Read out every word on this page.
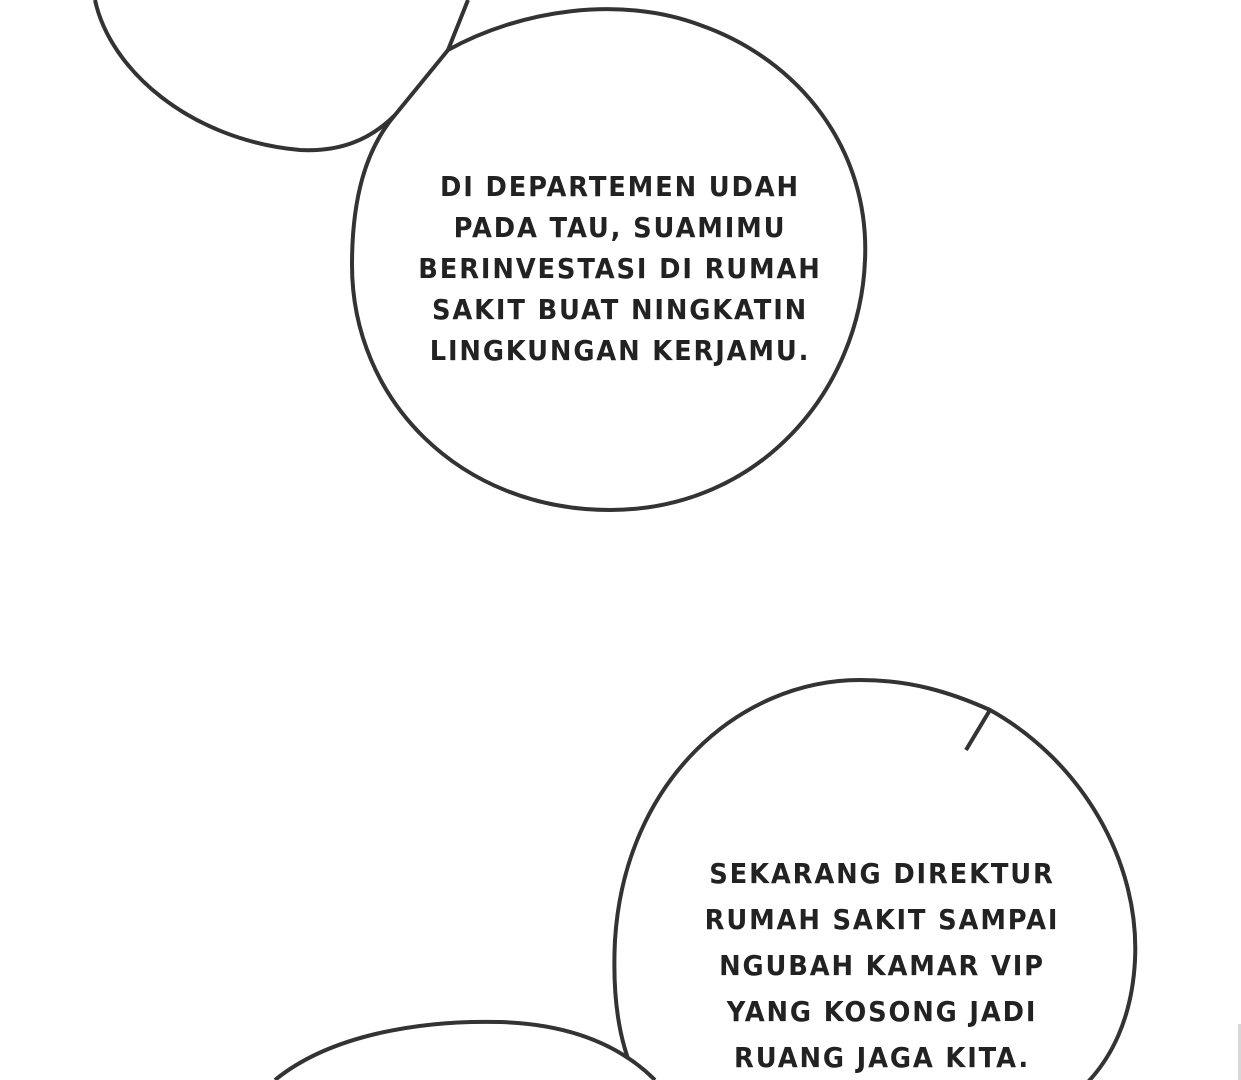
DI DEPARTEMEN UDAH
PADA TAU, SUAMIMU
BERINVESTASI DI RUMAH
SAKIT BUAT NINGKATIN
LINGKUNGAN KERJAMU.
SEKARANG DIREKTUR
RUMAH SAKIT SAMPAI
NGUBAH KAMAR VIP
YANG KOSONG JADI
RUANG JAGA KITA.
